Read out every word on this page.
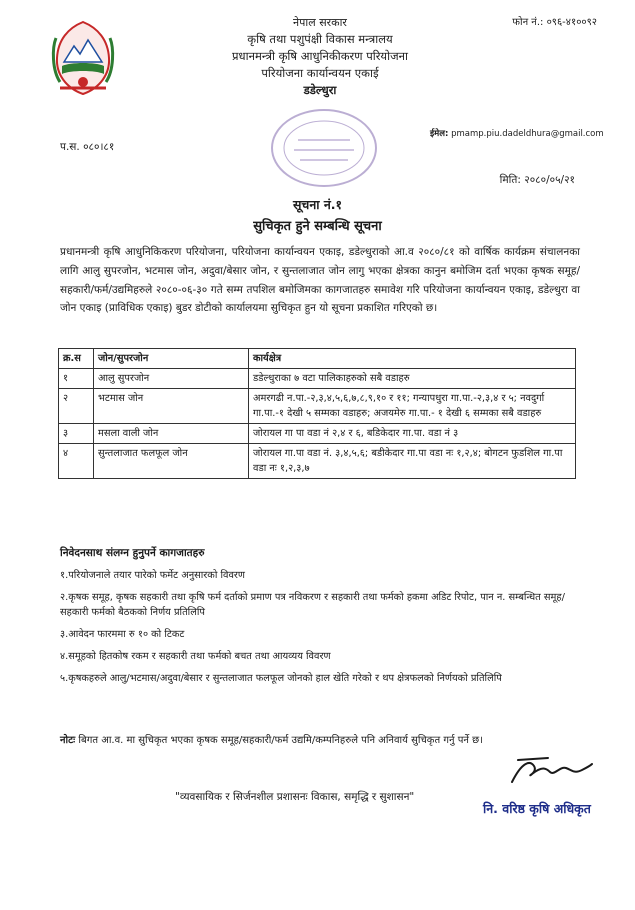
फोन नं.: ०९६-४१००९२
नेपाल सरकार
कृषि तथा पशुपंक्षी विकास मन्त्रालय
प्रधानमन्त्री कृषि आधुनिकीकरण परियोजना
परियोजना कार्यान्वयन एकाई
डडेल्धुरा
ईमेल: pmamp.piu.dadeldhura@gmail.com
प.स. ०८०।८१
मिति: २०८०/०५/२१
सूचना नं.१
सुचिकृत हुने सम्बन्धि सूचना
प्रधानमन्त्री कृषि आधुनिकिकरण परियोजना, परियोजना कार्यान्वयन एकाइ, डडेल्धुराको आ.व २०८०/८१ को वार्षिक कार्यक्रम संचालनका लागि आलु सुपरजोन, भटमास जोन, अदुवा/बेसार जोन, र सुन्तलाजात जोन लागु भएका क्षेत्रका कानुन बमोजिम दर्ता भएका कृषक समूह/सहकारी/फर्म/उद्यमिहरुले २०८०-०६-३० गते सम्म तपशिल बमोजिमका कागजातहरु समावेश गरि परियोजना कार्यान्वयन एकाइ, डडेल्धुरा वा जोन एकाइ (प्राविधिक एकाइ) बुडर डोटीको कार्यालयमा सुचिकृत हुन यो सूचना प्रकाशित गरिएको छ।
क्र.स	जोन/सुपरजोन	कार्यक्षेत्र
१	आलु सुपरजोन	डडेल्धुराका ७ वटा पालिकाहरुको सबै वडाहरु
२	भटमास जोन	अमरगढी न.पा.-२,३,४,५,६,७,८,९,१० र ११; गन्यापधुरा गा.पा.-२,३,४ र ५; नवदुर्गा गा.पा.-१ देखी ५ सम्मका वडाहरु; अजयमेरु गा.पा.- १ देखी ६ सम्मका सबै वडाहरु
३	मसला वाली जोन	जोरायल गा पा वडा नं २,४ र ६, बडिकेदार गा.पा. वडा नं ३
४	सुन्तलाजात फलफूल जोन	जोरायल गा.पा वडा नं. ३,४,५,६; बडीकेदार गा.पा वडा नः १,२,४; बोगटन फुडशिल गा.पा वडा नः १,२,३,७
निवेदनसाथ संलग्न हुनुपर्ने कागजातहरु
१.परियोजनाले तयार पारेको फर्मेट अनुसारको विवरण
२.कृषक समूह, कृषक सहकारी तथा कृषि फर्म दर्ताको प्रमाण पत्र नविकरण र सहकारी तथा फर्मको हकमा अडिट रिपोट, पान न. सम्बन्धित समूह/सहकारी फर्मको बैठकको निर्णय प्रतिलिपि
३.आवेदन फारममा रु १० को टिकट
४.समूहको हितकोष रकम र सहकारी तथा फर्मको बचत तथा आयव्यय विवरण
५.कृषकहरुले आलु/भटमास/अदुवा/बेसार र सुन्तलाजात फलफूल जोनको हाल खेति गरेको र थप क्षेत्रफलको निर्णयको प्रतिलिपि
नोटः बिगत आ.व. मा सुचिकृत भएका कृषक समूह/सहकारी/फर्म उद्यमि/कम्पनिहरुले पनि अनिवार्य सुचिकृत गर्नु पर्ने छ।
"व्यवसायिक र सिर्जनशील प्रशासनः विकास, समृद्धि र सुशासन"
नि. वरिष्ठ कृषि अधिकृत
